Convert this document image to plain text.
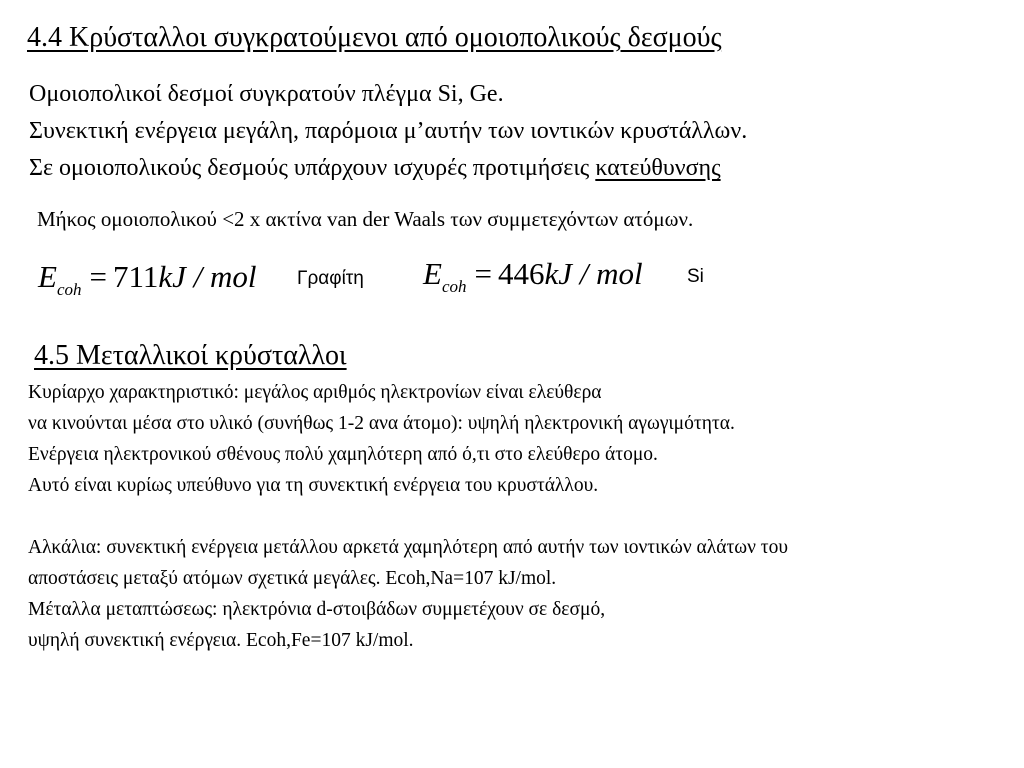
4.4 Κρύσταλλοι συγκρατούμενοι από ομοιοπολικούς δεσμούς
Ομοιοπολικοί δεσμοί συγκρατούν πλέγμα Si, Ge.
Συνεκτική ενέργεια μεγάλη, παρόμοια μ’αυτήν των ιοντικών κρυστάλλων.
Σε ομοιοπολικούς δεσμούς υπάρχουν ισχυρές προτιμήσεις κατεύθυνσης
Μήκος ομοιοπολικού <2 x ακτίνα van der Waals των συμμετεχόντων ατόμων.
$E_{coh} = 711kJ$ / mol Γραφίτη $E_{coh} = 446kJ$ / mol Si
4.5 Μεταλλικοί κρύσταλλοι
Κυρίαρχο χαρακτηριστικό: μεγάλος αριθμός ηλεκτρονίων είναι ελεύθερα
να κινούνται μέσα στο υλικό (συνήθως 1-2 ανα άτομο): υψηλή ηλεκτρονική αγωγιμότητα.
Ενέργεια ηλεκτρονικού σθένους πολύ χαμηλότερη από ό,τι στο ελεύθερο άτομο.
Αυτό είναι κυρίως υπεύθυνο για τη συνεκτική ενέργεια του κρυστάλλου.
Αλκάλια: συνεκτική ενέργεια μετάλλου αρκετά χαμηλότερη από αυτήν των ιοντικών αλάτων του
αποστάσεις μεταξύ ατόμων σχετικά μεγάλες. Ecoh,Na=107 kJ/mol.
Μέταλλα μεταπτώσεως: ηλεκτρόνια d-στοιβάδων συμμετέχουν σε δεσμό,
υψηλή συνεκτική ενέργεια. Ecoh,Fe=107 kJ/mol.
